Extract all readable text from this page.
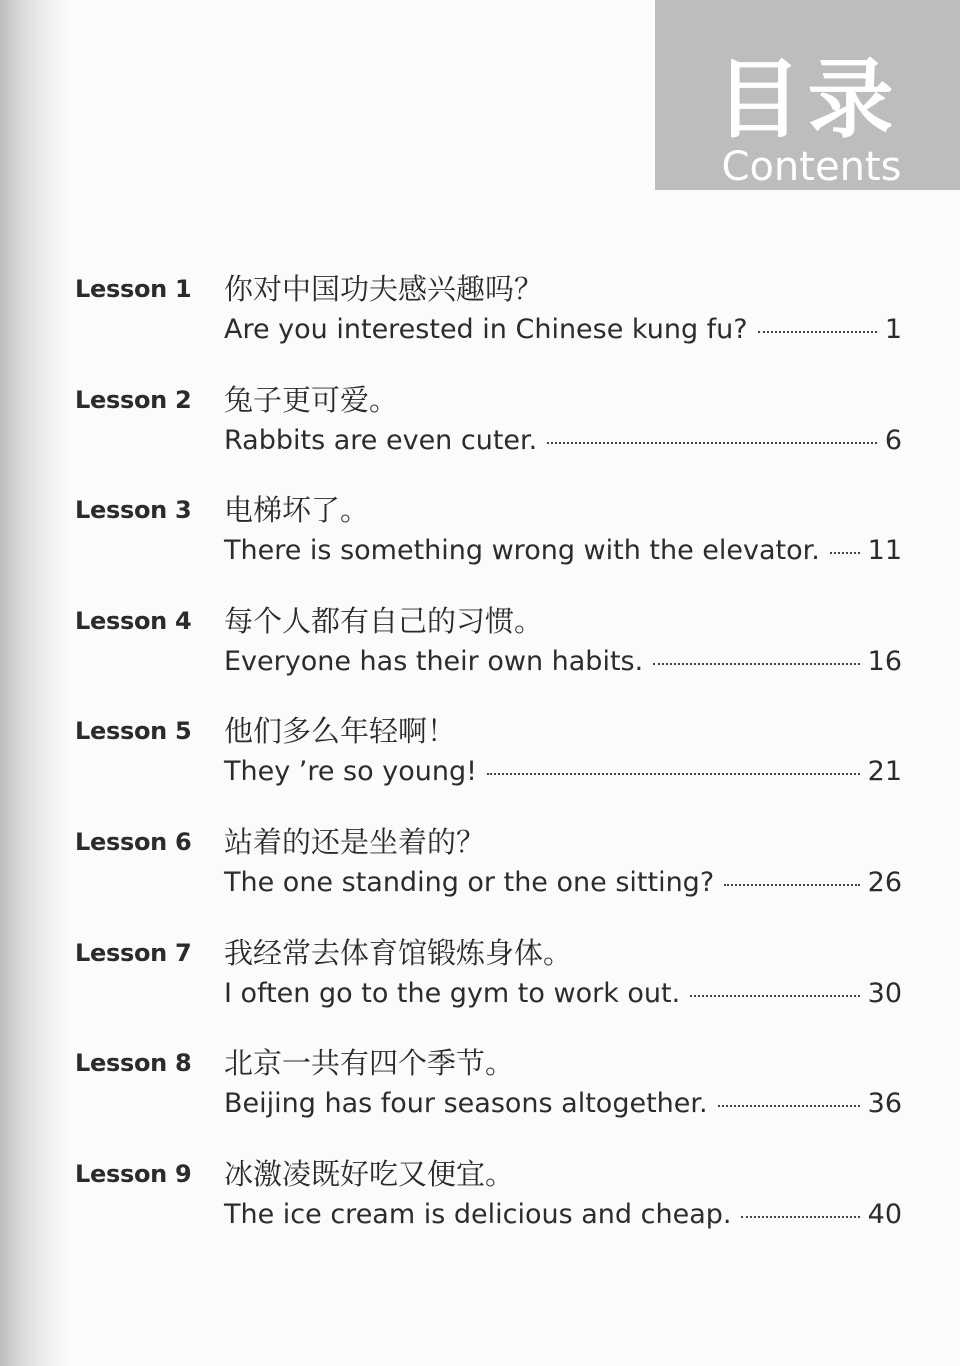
目录
Contents
Lesson 1 你对中国功夫感兴趣吗？
Are you interested in Chinese kung fu?	1
Lesson 2 兔子更可爱。
Rabbits are even cuter.	6
Lesson 3 电梯坏了。
There is something wrong with the elevator. 11
Lesson 4 每个人都有自己的习惯。
Everyone has their own habits.	16
Lesson 5 他们多么年轻啊！
They ’re so young!	21
Lesson 6 站着的还是坐着的？
The one standing or the one sitting?	26
Lesson 7 我经常去体育馆锻炼身体。
I often go to the gym to work out.	30
Lesson 8 北京一共有四个季节。
Beijing has four seasons altogether.	36
Lesson 9 冰激凌既好吃又便宜。
The ice cream is delicious and cheap.	40
